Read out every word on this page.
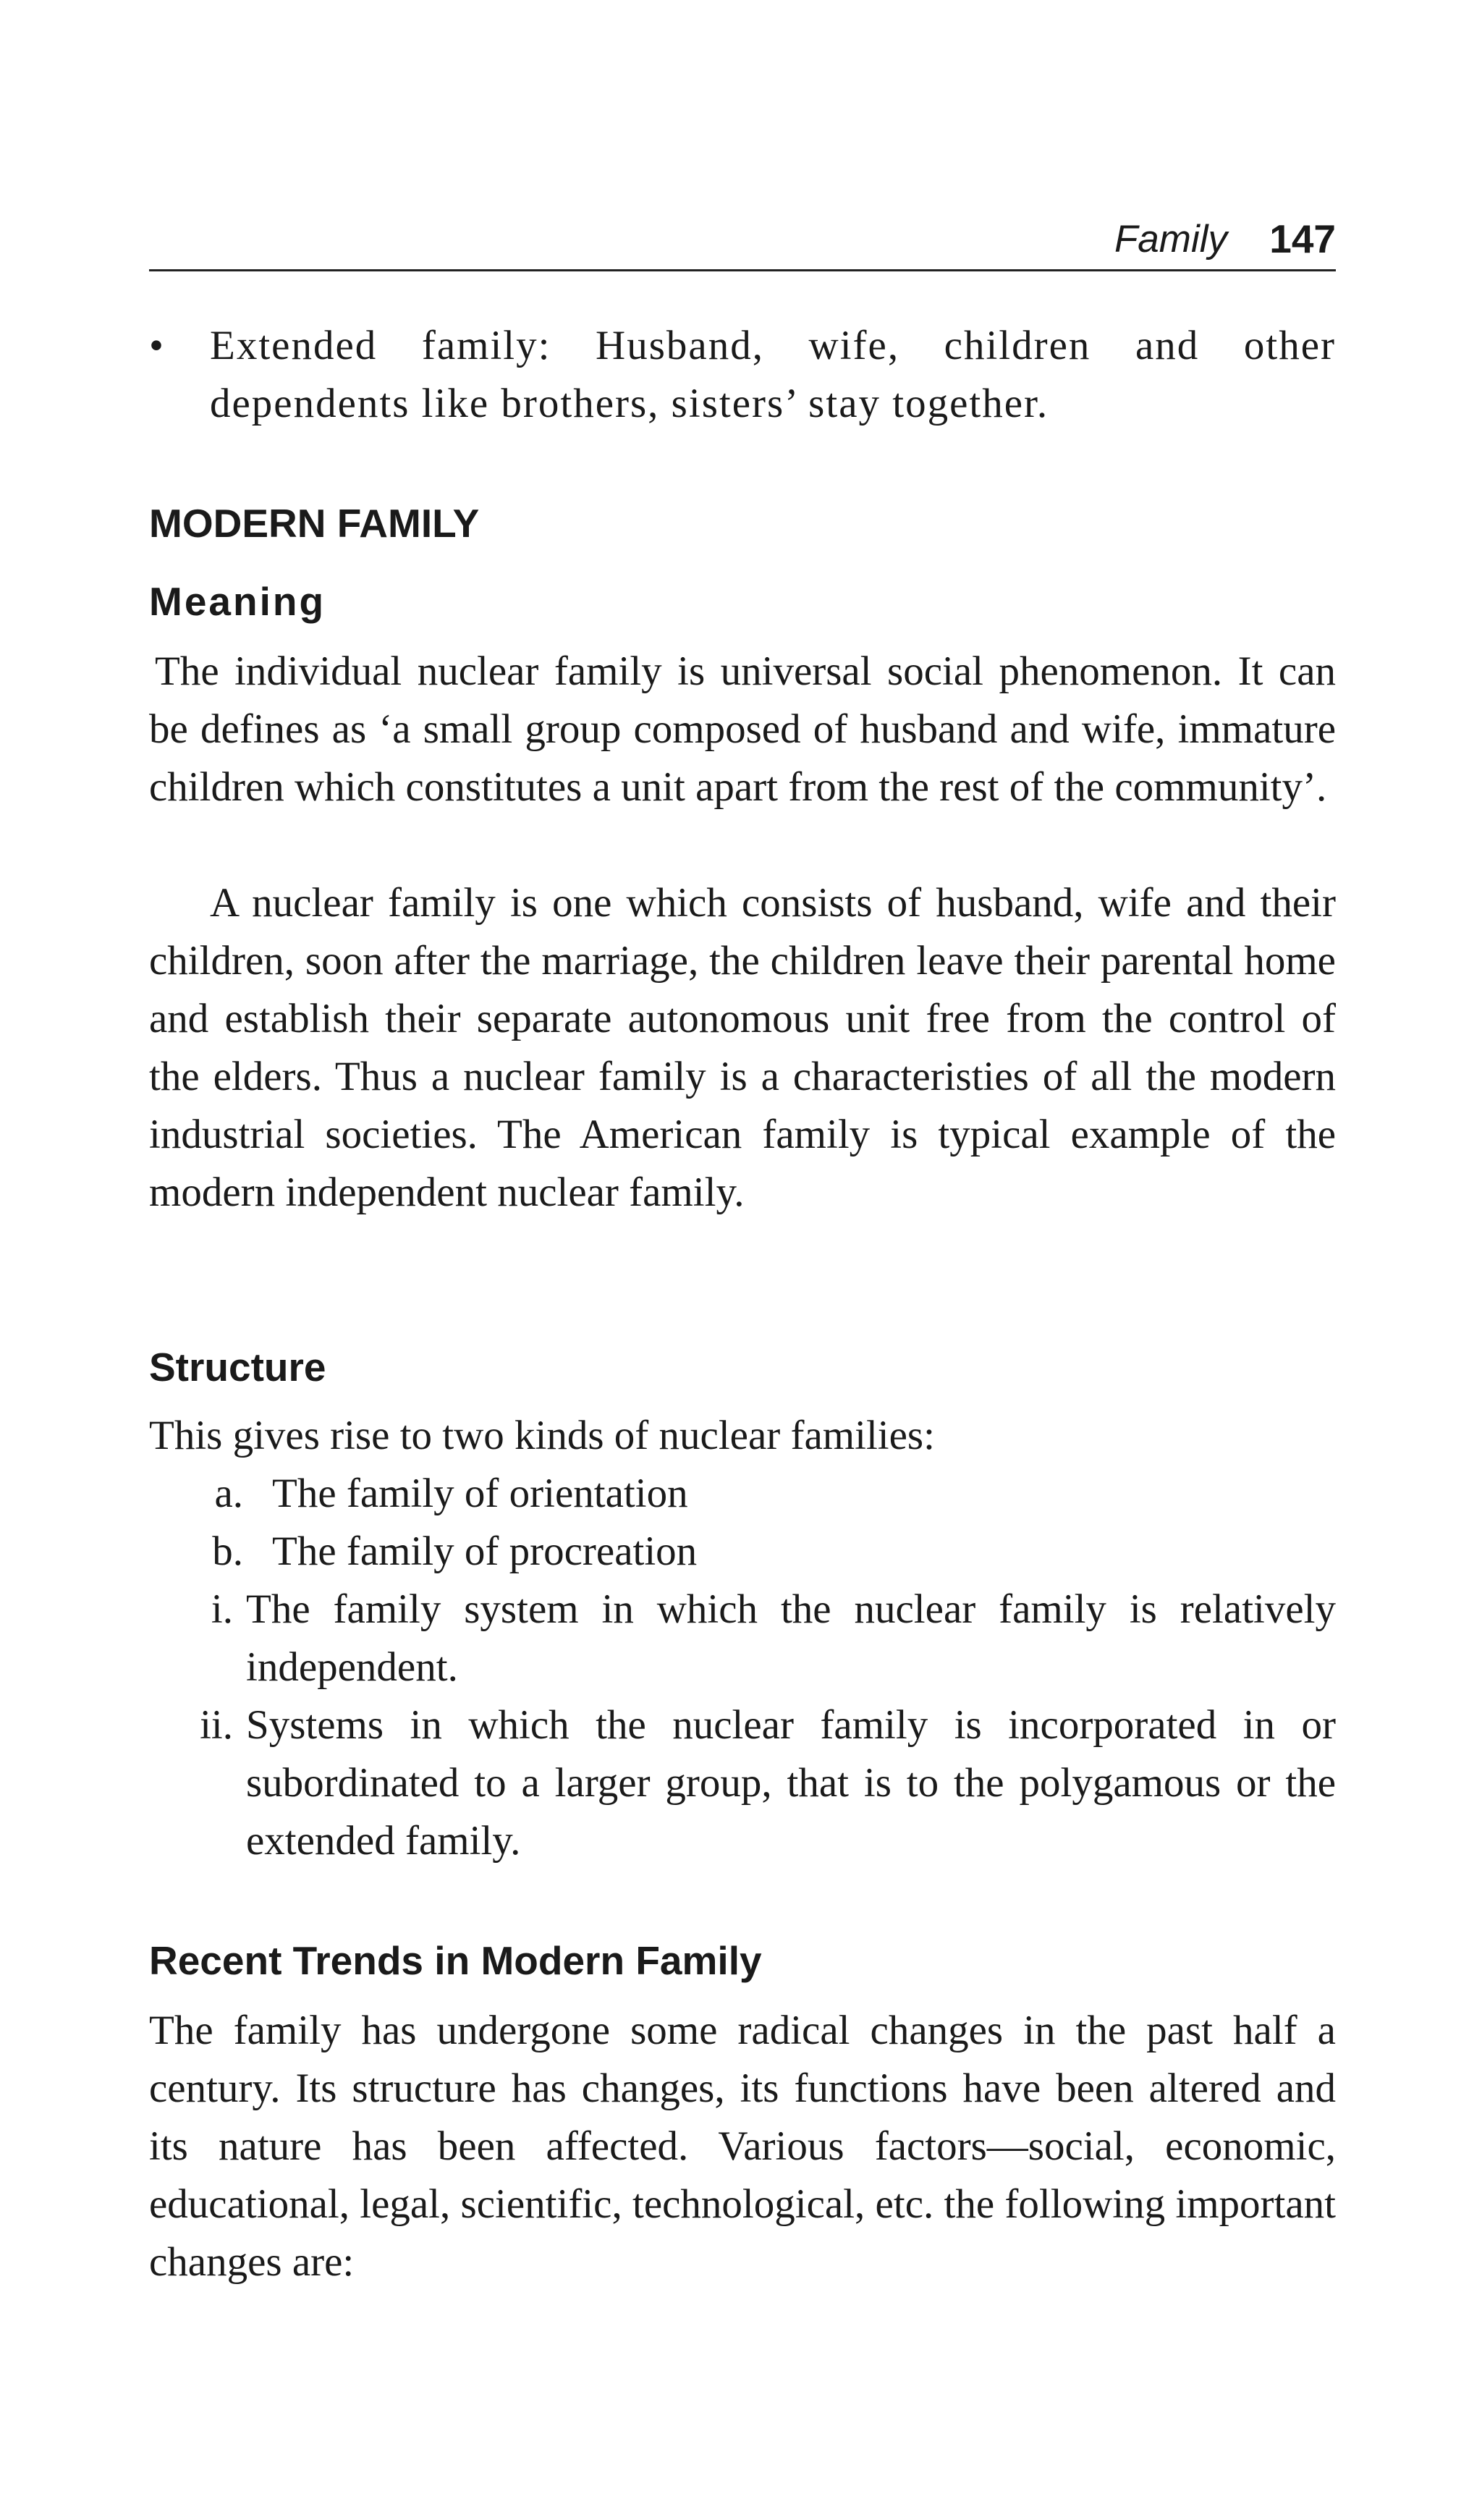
Family 147
•	Extended family: Husband, wife, children and other dependents like brothers, sisters’ stay together.
MODERN FAMILY
Meaning
The individual nuclear family is universal social phenomenon. It can be defines as ‘a small group composed of husband and wife, immature children which constitutes a unit apart from the rest of the community’.
A nuclear family is one which consists of husband, wife and their children, soon after the marriage, the children leave their parental home and establish their separate autonomous unit free from the control of the elders. Thus a nuclear family is a characteristies of all the modern industrial societies. The American family is typical example of the modern independent nuclear family.
Structure
This gives rise to two kinds of nuclear families:
a. The family of orientation
b. The family of procreation
i. The family system in which the nuclear family is relatively independent.
ii. Systems in which the nuclear family is incorporated in or subordinated to a larger group, that is to the polygamous or the extended family.
Recent Trends in Modern Family
The family has undergone some radical changes in the past half a century. Its structure has changes, its functions have been altered and its nature has been affected. Various factors—social, economic, educational, legal, scientific, technological, etc. the following important changes are:
